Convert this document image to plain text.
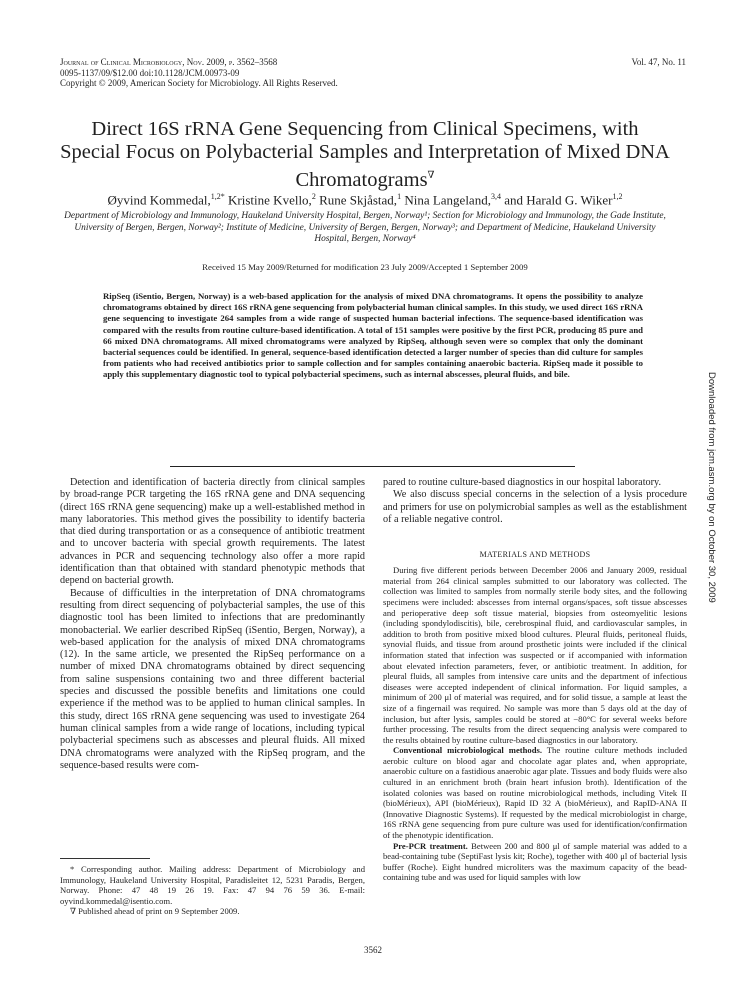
Journal of Clinical Microbiology, Nov. 2009, p. 3562–3568
0095-1137/09/$12.00 doi:10.1128/JCM.00973-09
Copyright © 2009, American Society for Microbiology. All Rights Reserved.
Vol. 47, No. 11
Direct 16S rRNA Gene Sequencing from Clinical Specimens, with Special Focus on Polybacterial Samples and Interpretation of Mixed DNA Chromatograms∇
Øyvind Kommedal,$^{1,2*}$ Kristine Kvello,$^2$ Rune Skjåstad,$^1$ Nina Langeland,$^{3,4}$ and Harald G. Wiker$^{1,2}$
Department of Microbiology and Immunology, Haukeland University Hospital, Bergen, Norway¹; Section for Microbiology and Immunology, the Gade Institute, University of Bergen, Bergen, Norway²; Institute of Medicine, University of Bergen, Bergen, Norway³; and Department of Medicine, Haukeland University Hospital, Bergen, Norway⁴
Received 15 May 2009/Returned for modification 23 July 2009/Accepted 1 September 2009
RipSeq (iSentio, Bergen, Norway) is a web-based application for the analysis of mixed DNA chromatograms. It opens the possibility to analyze chromatograms obtained by direct 16S rRNA gene sequencing from polybacterial human clinical samples. In this study, we used direct 16S rRNA gene sequencing to investigate 264 samples from a wide range of suspected human bacterial infections. The sequence-based identification was compared with the results from routine culture-based identification. A total of 151 samples were positive by the first PCR, producing 85 pure and 66 mixed DNA chromatograms. All mixed chromatograms were analyzed by RipSeq, although seven were so complex that only the dominant bacterial sequences could be identified. In general, sequence-based identification detected a larger number of species than did culture for samples from patients who had received antibiotics prior to sample collection and for samples containing anaerobic bacteria. RipSeq made it possible to apply this supplementary diagnostic tool to typical polybacterial specimens, such as internal abscesses, pleural fluids, and bile.

Detection and identification of bacteria directly from clinical samples by broad-range PCR targeting the 16S rRNA gene and DNA sequencing (direct 16S rRNA gene sequencing) make up a well-established method in many laboratories. This method gives the possibility to identify bacteria that died during transportation or as a consequence of antibiotic treatment and to uncover bacteria with special growth requirements. The latest advances in PCR and sequencing technology also offer a more rapid identification than that obtained with standard phenotypic methods that depend on bacterial growth.

Because of difficulties in the interpretation of DNA chromatograms resulting from direct sequencing of polybacterial samples, the use of this diagnostic tool has been limited to infections that are predominantly monobacterial. We earlier described RipSeq (iSentio, Bergen, Norway), a web-based application for the analysis of mixed DNA chromatograms (12). In the same article, we presented the RipSeq performance on a number of mixed DNA chromatograms obtained by direct sequencing from saline suspensions containing two and three different bacterial species and discussed the possible benefits and limitations one could experience if the method was to be applied to human clinical samples. In this study, direct 16S rRNA gene sequencing was used to investigate 264 human clinical samples from a wide range of locations, including typical polybacterial specimens such as abscesses and pleural fluids. All mixed DNA chromatograms were analyzed with the RipSeq program, and the sequence-based results were com-

* Corresponding author. Mailing address: Department of Microbiology and Immunology, Haukeland University Hospital, Paradisleitet 12, 5231 Paradis, Bergen, Norway. Phone: 47 48 19 26 19. Fax: 47 94 76 59 36. E-mail: oyvind.kommedal@isentio.com.

∇ Published ahead of print on 9 September 2009.

pared to routine culture-based diagnostics in our hospital laboratory.

We also discuss special concerns in the selection of a lysis procedure and primers for use on polymicrobial samples as well as the establishment of a reliable negative control.

MATERIALS AND METHODS

During five different periods between December 2006 and January 2009, residual material from 264 clinical samples submitted to our laboratory was collected. The collection was limited to samples from normally sterile body sites, and the following specimens were included: abscesses from internal organs/spaces, soft tissue abscesses and perioperative deep soft tissue material, biopsies from osteomyelitic lesions (including spondylodiscitis), bile, cerebrospinal fluid, and cardiovascular samples, in addition to broth from positive mixed blood cultures. Pleural fluids, peritoneal fluids, synovial fluids, and tissue from around prosthetic joints were included if the clinical information stated that infection was suspected or if accompanied with information about elevated infection parameters, fever, or antibiotic treatment. In addition, for pleural fluids, all samples from intensive care units and the department of infectious diseases were accepted independent of clinical information. For liquid samples, a minimum of 200 μl of material was required, and for solid tissue, a sample at least the size of a fingernail was required. No sample was more than 5 days old at the day of inclusion, but after lysis, samples could be stored at −80°C for several weeks before further processing. The results from the direct sequencing analysis were compared to the results obtained by routine culture-based diagnostics in our laboratory.

Conventional microbiological methods. The routine culture methods included aerobic culture on blood agar and chocolate agar plates and, when appropriate, anaerobic culture on a fastidious anaerobic agar plate. Tissues and body fluids were also cultured in an enrichment broth (brain heart infusion broth). Identification of the isolated colonies was based on routine microbiological methods, including Vitek II (bioMérieux), API (bioMérieux), Rapid ID 32 A (bioMérieux), and RapID-ANA II (Innovative Diagnostic Systems). If requested by the medical microbiologist in charge, 16S rRNA gene sequencing from pure culture was used for identification/confirmation of the phenotypic identification.

Pre-PCR treatment. Between 200 and 800 μl of sample material was added to a bead-containing tube (SeptiFast lysis kit; Roche), together with 400 μl of bacterial lysis buffer (Roche). Eight hundred microliters was the maximum capacity of the bead-containing tube and was used for liquid samples with low

3562
Downloaded from jcm.asm.org by on October 30, 2009
